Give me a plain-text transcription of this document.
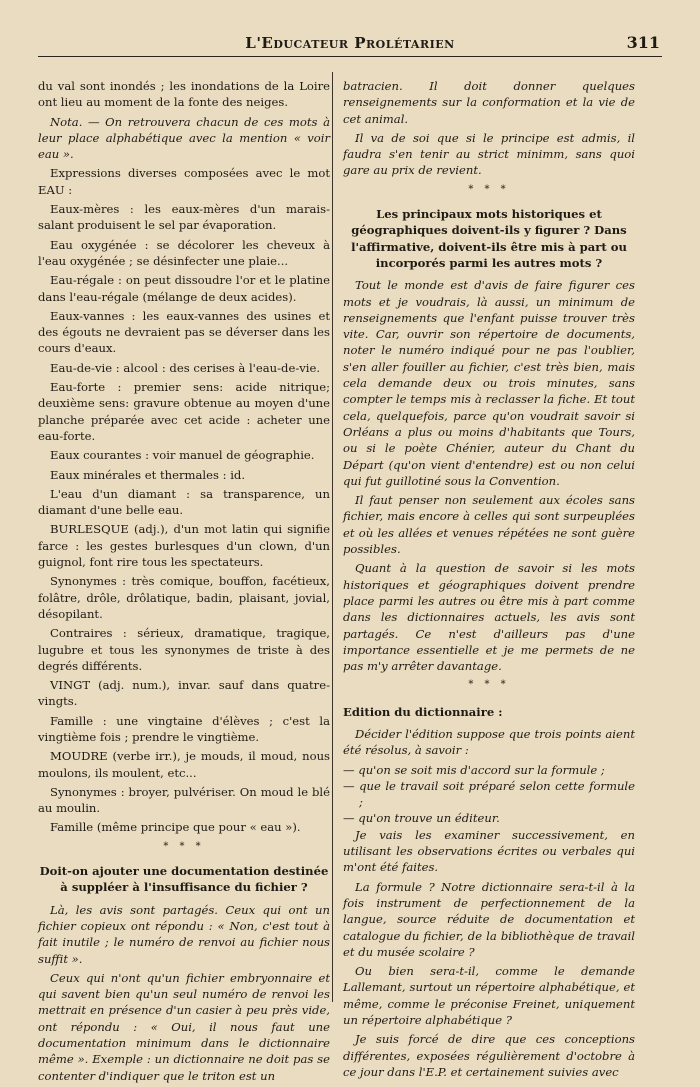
L'Educateur Prolétarien	311

du val sont inondés ; les inondations de la Loire ont lieu au moment de la fonte des neiges.

Nota. — On retrouvera chacun de ces mots à leur place alphabétique avec la mention « voir eau ».

Expressions diverses composées avec le mot EAU :

Eaux-mères : les eaux-mères d'un marais-salant produisent le sel par évaporation.

Eau oxygénée : se décolorer les cheveux à l'eau oxygénée ; se désinfecter une plaie...

Eau-régale : on peut dissoudre l'or et le platine dans l'eau-régale (mélange de deux acides).

Eaux-vannes : les eaux-vannes des usines et des égouts ne devraient pas se déverser dans les cours d'eaux.

Eau-de-vie : alcool : des cerises à l'eau-de-vie.

Eau-forte : premier sens: acide nitrique; deuxième sens: gravure obtenue au moyen d'une planche préparée avec cet acide : acheter une eau-forte.

Eaux courantes : voir manuel de géographie.

Eaux minérales et thermales : id.

L'eau d'un diamant : sa transparence, un diamant d'une belle eau.

BURLESQUE (adj.), d'un mot latin qui signifie farce : les gestes burlesques d'un clown, d'un guignol, font rire tous les spectateurs.

Synonymes : très comique, bouffon, facétieux, folâtre, drôle, drôlatique, badin, plaisant, jovial, désopilant.

Contraires : sérieux, dramatique, tragique, lugubre et tous les synonymes de triste à des degrés différents.

VINGT (adj. num.), invar. sauf dans quatre-vingts.

Famille : une vingtaine d'élèves ; c'est la vingtième fois ; prendre le vingtième.

MOUDRE (verbe irr.), je mouds, il moud, nous moulons, ils moulent, etc...

Synonymes : broyer, pulvériser. On moud le blé au moulin.

Famille (même principe que pour « eau »).

* * *
Doit-on ajouter une documentation destinée à suppléer à l'insuffisance du fichier ?

Là, les avis sont partagés. Ceux qui ont un fichier copieux ont répondu : « Non, c'est tout à fait inutile ; le numéro de renvoi au fichier nous suffit ».

Ceux qui n'ont qu'un fichier embryonnaire et qui savent bien qu'un seul numéro de renvoi les mettrait en présence d'un casier à peu près vide, ont répondu : « Oui, il nous faut une documentation minimum dans le dictionnaire même ». Exemple : un dictionnaire ne doit pas se contenter d'indiquer que le triton est un

batracien. Il doit donner quelques renseignements sur la conformation et la vie de cet animal.

Il va de soi que si le principe est admis, il faudra s'en tenir au strict minimm, sans quoi gare au prix de revient.

* * *
Les principaux mots historiques et géographiques doivent-ils y figurer ? Dans l'affirmative, doivent-ils être mis à part ou incorporés parmi les autres mots ?

Tout le monde est d'avis de faire figurer ces mots et je voudrais, là aussi, un minimum de renseignements que l'enfant puisse trouver très vite. Car, ouvrir son répertoire de documents, noter le numéro indiqué pour ne pas l'oublier, s'en aller fouiller au fichier, c'est très bien, mais cela demande deux ou trois minutes, sans compter le temps mis à reclasser la fiche. Et tout cela, quelquefois, parce qu'on voudrait savoir si Orléans a plus ou moins d'habitants que Tours, ou si le poète Chénier, auteur du Chant du Départ (qu'on vient d'entendre) est ou non celui qui fut guillotiné sous la Convention.

Il faut penser non seulement aux écoles sans fichier, mais encore à celles qui sont surpeuplées et où les allées et venues répétées ne sont guère possibles.

Quant à la question de savoir si les mots historiques et géographiques doivent prendre place parmi les autres ou être mis à part comme dans les dictionnaires actuels, les avis sont partagés. Ce n'est d'ailleurs pas d'une importance essentielle et je me permets de ne pas m'y arrêter davantage.

* * *
Edition du dictionnaire :

Décider l'édition suppose que trois points aient été résolus, à savoir :

— qu'on se soit mis d'accord sur la formule ;

— que le travail soit préparé selon cette formule ;

— qu'on trouve un éditeur.

Je vais les examiner successivement, en utilisant les observations écrites ou verbales qui m'ont été faites.

La formule ? Notre dictionnaire sera-t-il à la fois instrument de perfectionnement de la langue, source réduite de documentation et catalogue du fichier, de la bibliothèque de travail et du musée scolaire ?

Ou bien sera-t-il, comme le demande Lallemant, surtout un répertoire alphabétique, et même, comme le préconise Freinet, uniquement un répertoire alphabétique ?

Je suis forcé de dire que ces conceptions différentes, exposées régulièrement d'octobre à ce jour dans l'E.P. et certainement suivies avec
